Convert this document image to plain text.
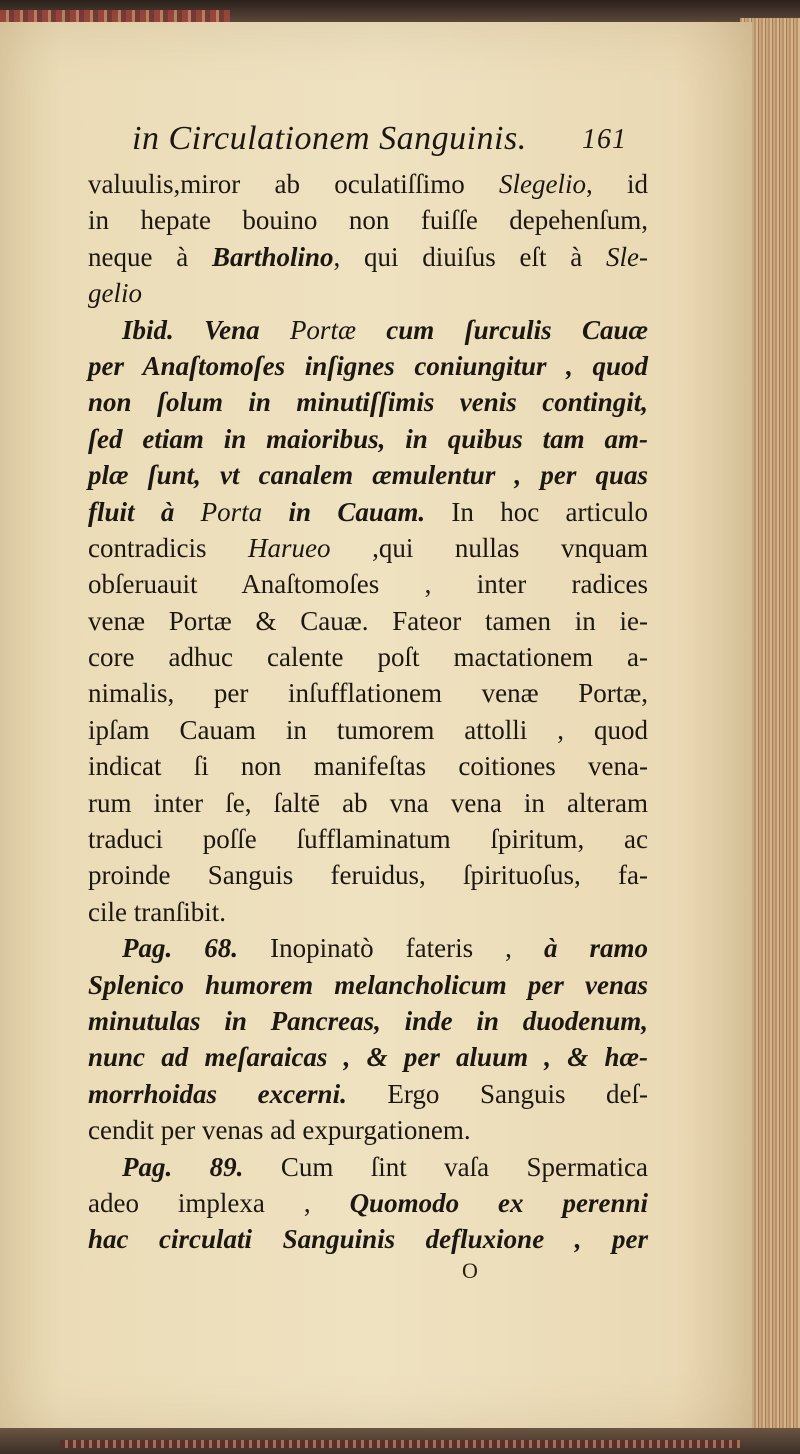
in Circulationem Sanguinis. 161
valuulis,miror ab oculatiſſimo Slegelio, id
in hepate bouino non fuiſſe depehenſum,
neque à Bartholino, qui diuiſus eſt à Sle-
gelio
Ibid. Vena Portæ cum ſurculis Cauæ
per Anaſtomoſes inſignes coniungitur , quod
non ſolum in minutiſſimis venis contingit,
ſed etiam in maioribus, in quibus tam am-
plæ ſunt, vt canalem æmulentur , per quas
fluit à Porta in Cauam. In hoc articulo
contradicis Harueo ,qui nullas vnquam
obſeruauit Anaſtomoſes , inter radices
venæ Portæ & Cauæ. Fateor tamen in ie-
core adhuc calente poſt mactationem a-
nimalis, per inſufflationem venæ Portæ,
ipſam Cauam in tumorem attolli , quod
indicat ſi non manifeſtas coitiones vena-
rum inter ſe, ſaltē ab vna vena in alteram
traduci poſſe ſufflaminatum ſpiritum, ac
proinde Sanguis feruidus, ſpirituoſus, fa-
cile tranſibit.
Pag. 68. Inopinatò fateris , à ramo
Splenico humorem melancholicum per venas
minutulas in Pancreas, inde in duodenum,
nunc ad meſaraicas , & per aluum , & hæ-
morrhoidas excerni. Ergo Sanguis deſ-
cendit per venas ad expurgationem.
Pag. 89. Cum ſint vaſa Spermatica
adeo implexa , Quomodo ex perenni
hac circulati Sanguinis defluxione , per
O
